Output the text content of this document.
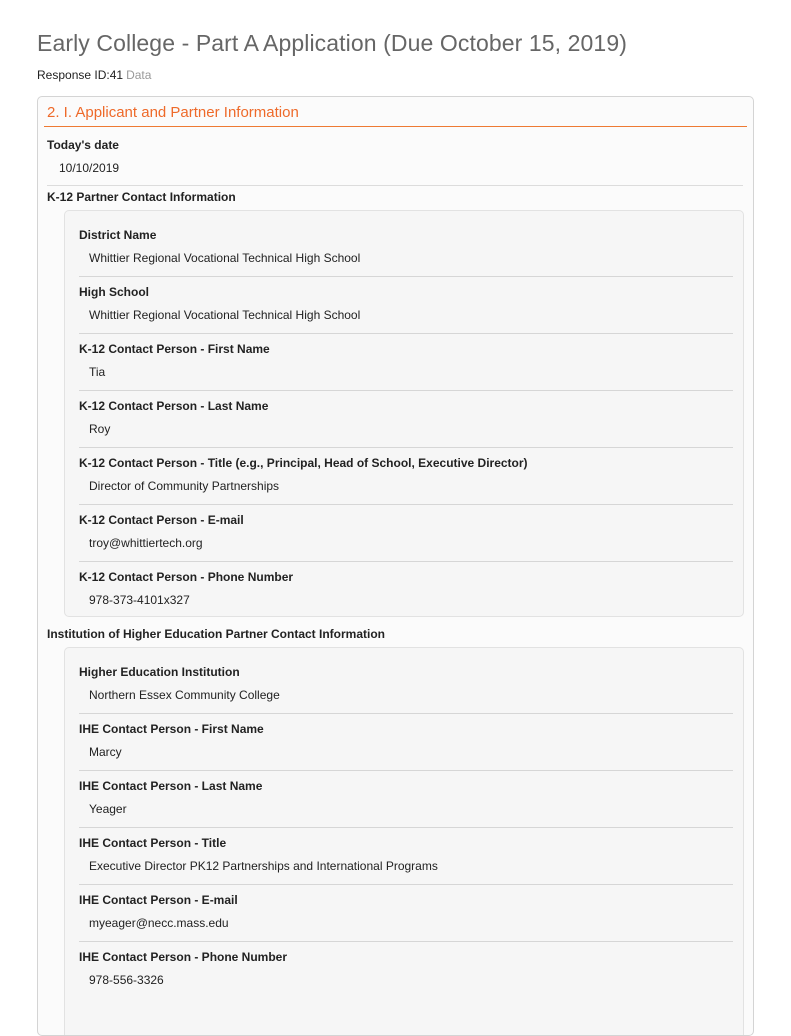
Early College - Part A Application (Due October 15, 2019)
Response ID:41 Data
2. I. Applicant and Partner Information
Today's date
10/10/2019
K-12 Partner Contact Information
District Name
Whittier Regional Vocational Technical High School
High School
Whittier Regional Vocational Technical High School
K-12 Contact Person - First Name
Tia
K-12 Contact Person - Last Name
Roy
K-12 Contact Person - Title (e.g., Principal, Head of School, Executive Director)
Director of Community Partnerships
K-12 Contact Person - E-mail
troy@whittiertech.org
K-12 Contact Person - Phone Number
978-373-4101x327
Institution of Higher Education Partner Contact Information
Higher Education Institution
Northern Essex Community College
IHE Contact Person - First Name
Marcy
IHE Contact Person - Last Name
Yeager
IHE Contact Person - Title
Executive Director PK12 Partnerships and International Programs
IHE Contact Person - E-mail
myeager@necc.mass.edu
IHE Contact Person - Phone Number
978-556-3326
